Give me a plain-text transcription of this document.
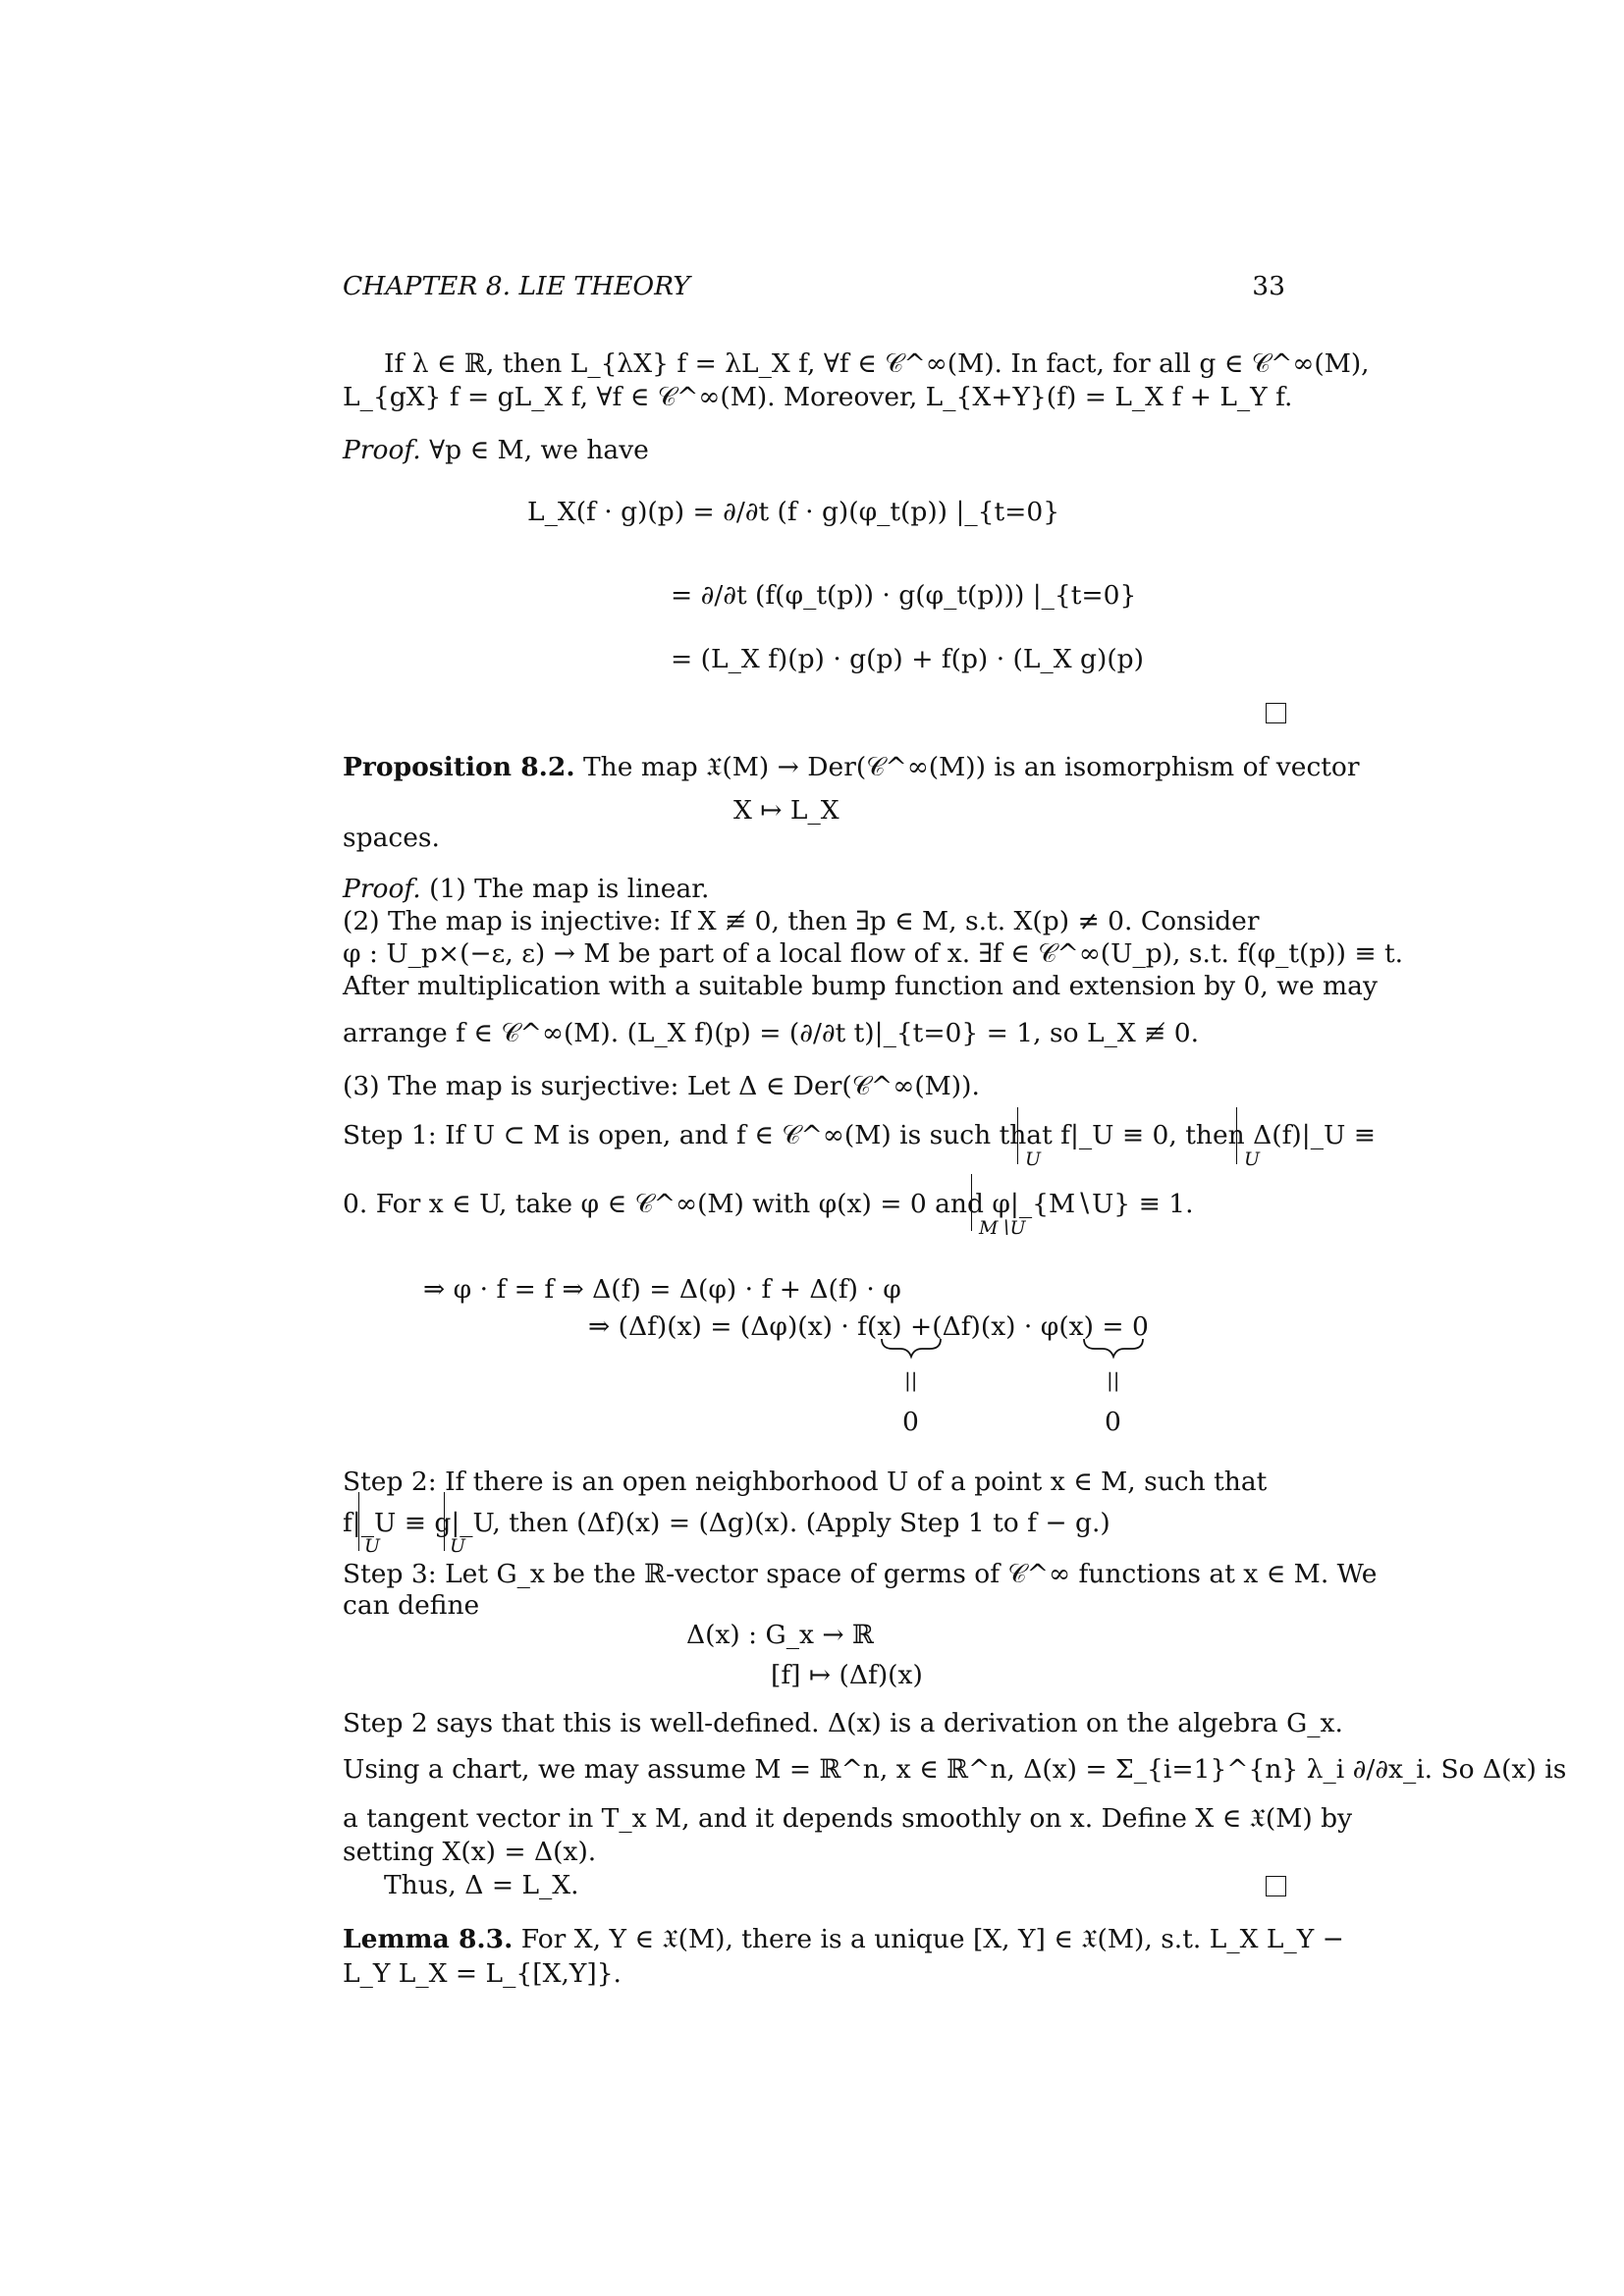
CHAPTER 8. LIE THEORY	33
If λ ∈ ℝ, then L_{λX} f = λL_X f, ∀f ∈ 𝒞^∞(M). In fact, for all g ∈ 𝒞^∞(M),
L_{gX} f = gL_X f, ∀f ∈ 𝒞^∞(M). Moreover, L_{X+Y}(f) = L_X f + L_Y f.
Proof. ∀p ∈ M, we have
L_X(f · g)(p) = ∂/∂t (f · g)(φ_t(p)) |_{t=0}
= ∂/∂t (f(φ_t(p)) · g(φ_t(p))) |_{t=0}
= (L_X f)(p) · g(p) + f(p) · (L_X g)(p)
Proposition 8.2. The map 𝔛(M) → Der(𝒞^∞(M)) is an isomorphism of vector
X ↦ L_X
spaces.
Proof. (1) The map is linear.
(2) The map is injective: If X ≢ 0, then ∃p ∈ M, s.t. X(p) ≠ 0. Consider
φ : U_p×(−ε, ε) → M be part of a local flow of x. ∃f ∈ 𝒞^∞(U_p), s.t. f(φ_t(p)) ≡ t.
After multiplication with a suitable bump function and extension by 0, we may
arrange f ∈ 𝒞^∞(M). (L_X f)(p) = (∂/∂t t)|_{t=0} = 1, so L_X ≢ 0.
(3) The map is surjective: Let Δ ∈ Der(𝒞^∞(M)).
Step 1: If U ⊂ M is open, and f ∈ 𝒞^∞(M) is such that f|_U ≡ 0, then Δ(f)|_U ≡
0. For x ∈ U, take φ ∈ 𝒞^∞(M) with φ(x) = 0 and φ|_{M∖U} ≡ 1.
U	U
M∖U
⇒ φ · f = f ⇒ Δ(f) = Δ(φ) · f + Δ(f) · φ
⇒ (Δf)(x) = (Δφ)(x) · f(x) +(Δf)(x) · φ(x) = 0
||	||
0	0
Step 2: If there is an open neighborhood U of a point x ∈ M, such that
f|_U ≡ g|_U, then (Δf)(x) = (Δg)(x). (Apply Step 1 to f − g.)
U	U
Step 3: Let G_x be the ℝ-vector space of germs of 𝒞^∞ functions at x ∈ M. We
can define
Δ(x) : G_x → ℝ
[f] ↦ (Δf)(x)
Step 2 says that this is well-defined. Δ(x) is a derivation on the algebra G_x.
Using a chart, we may assume M = ℝ^n, x ∈ ℝ^n, Δ(x) = Σ_{i=1}^{n} λ_i ∂/∂x_i. So Δ(x) is
a tangent vector in T_x M, and it depends smoothly on x. Define X ∈ 𝔛(M) by
setting X(x) = Δ(x).
Thus, Δ = L_X.
Lemma 8.3. For X, Y ∈ 𝔛(M), there is a unique [X, Y] ∈ 𝔛(M), s.t. L_X L_Y −
L_Y L_X = L_{[X,Y]}.
